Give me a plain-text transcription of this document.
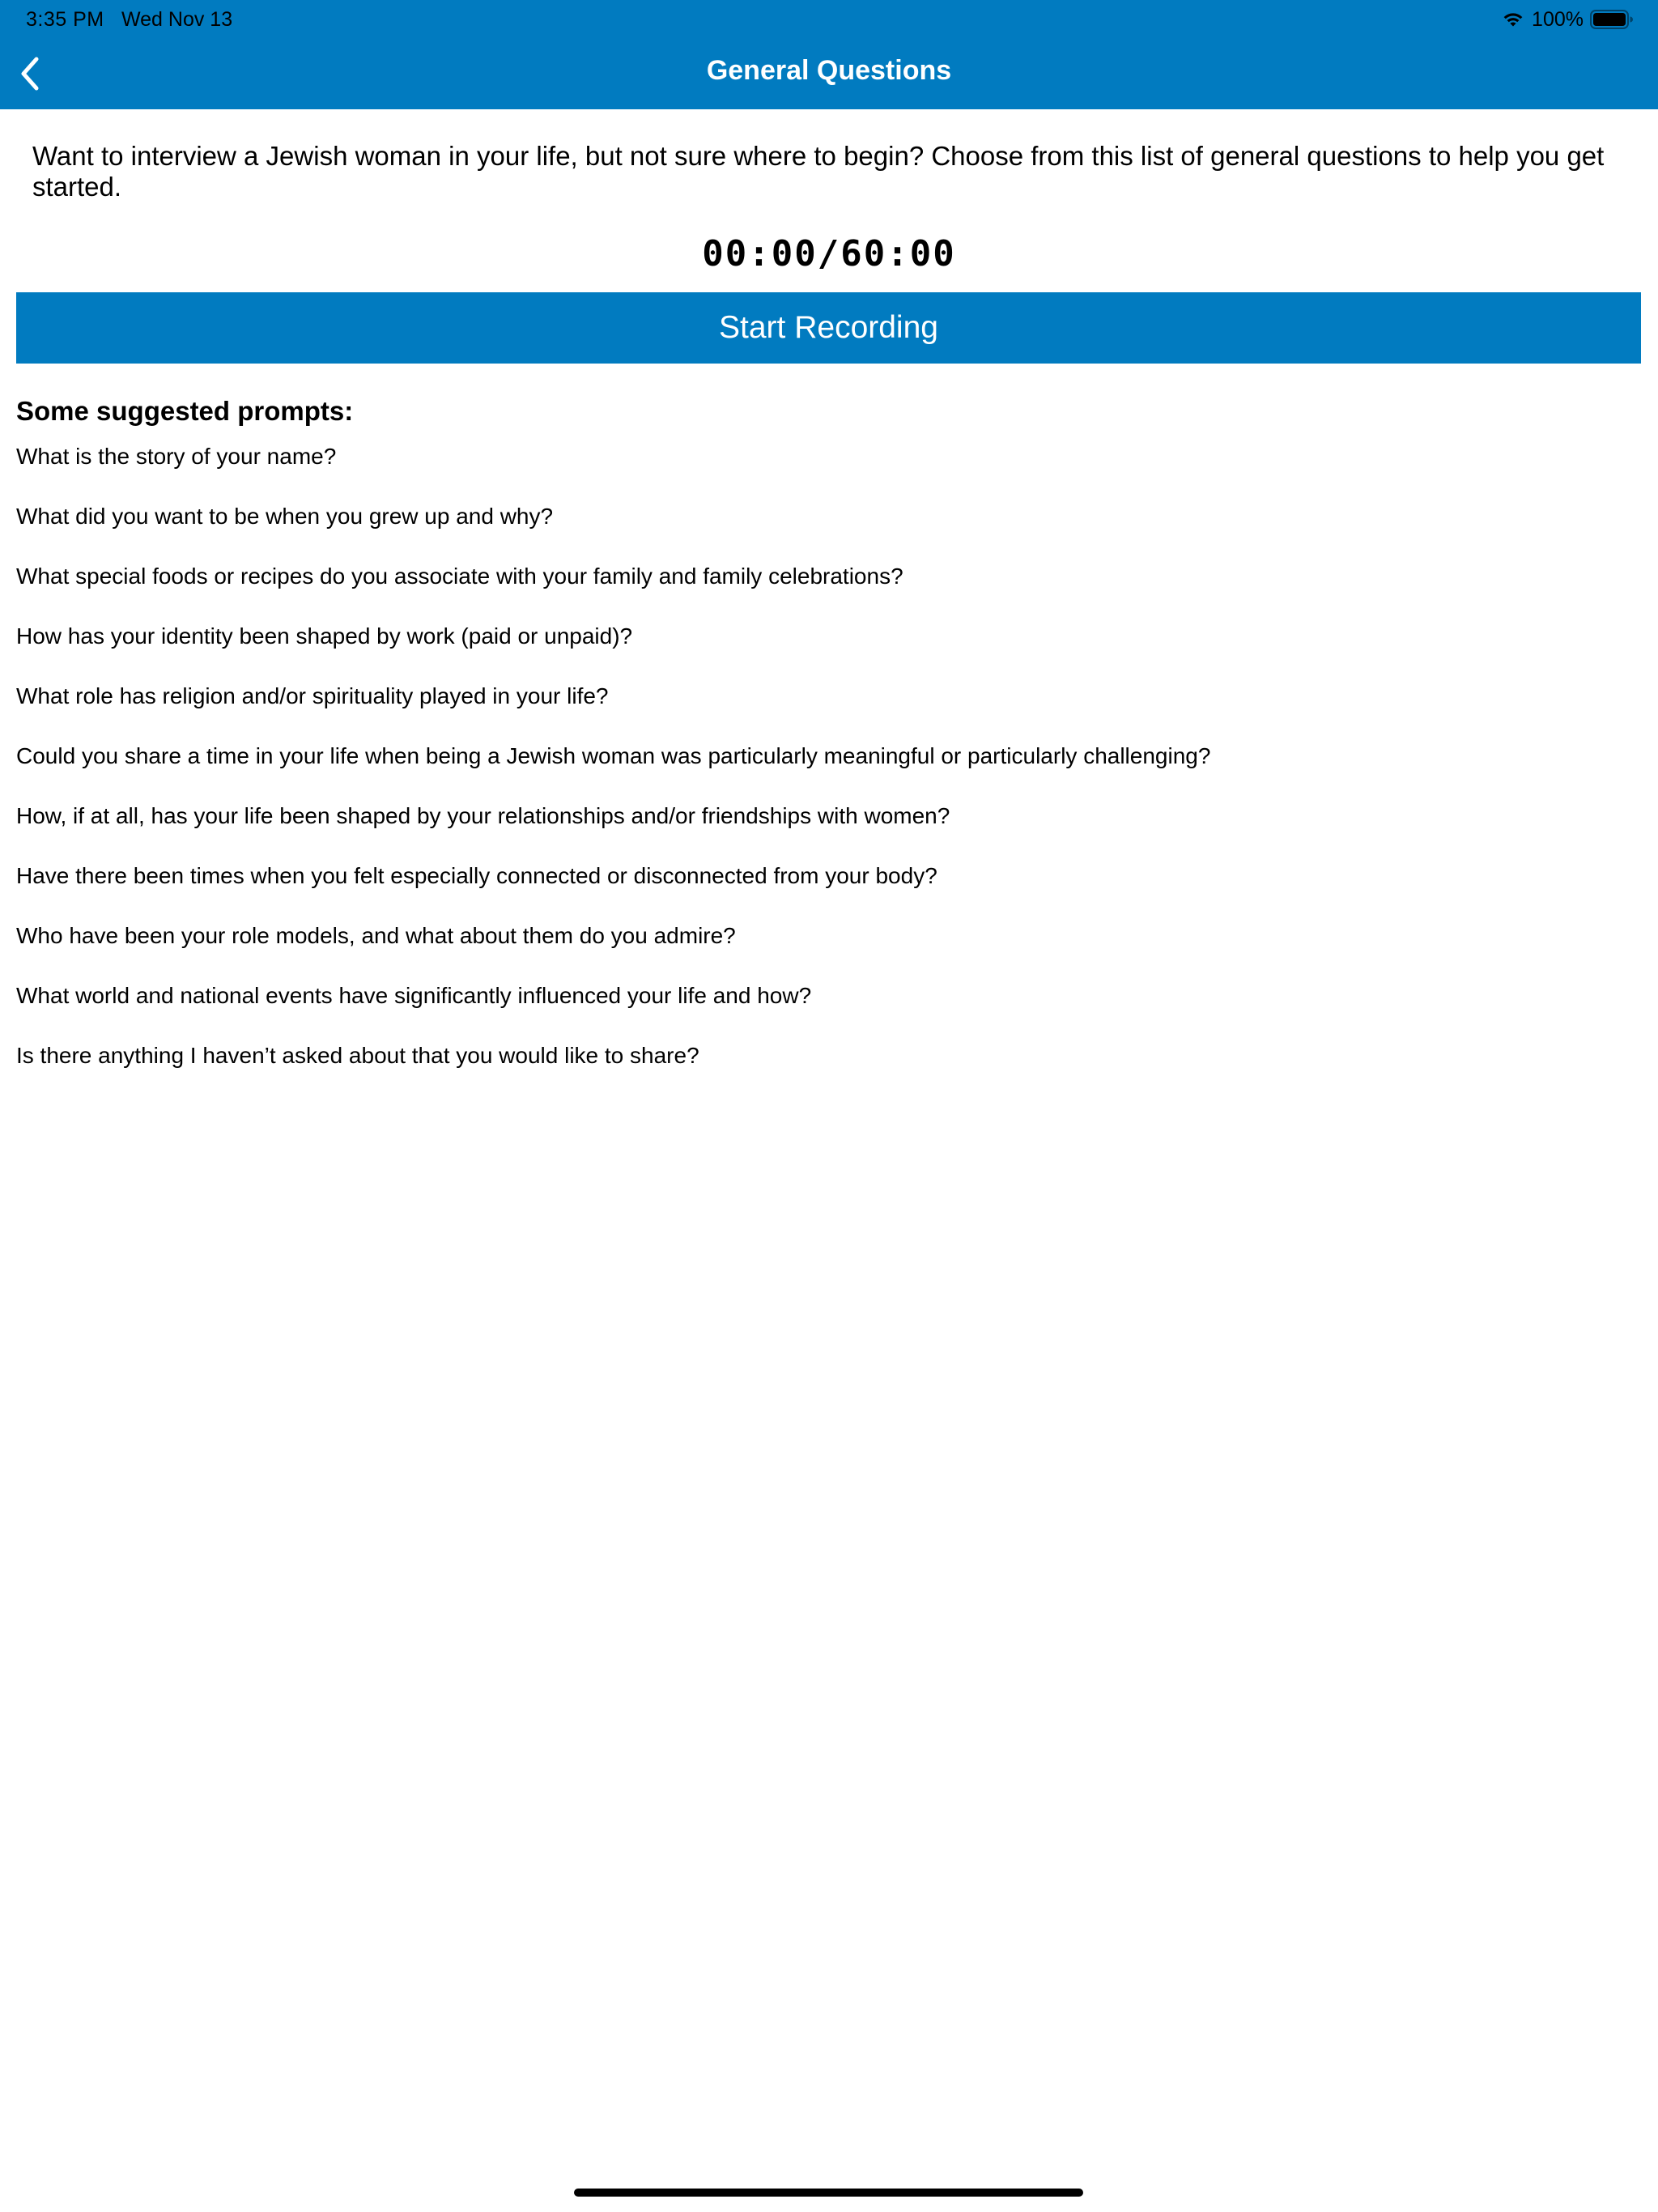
3:35 PM Wed Nov 13	100%
General Questions
Want to interview a Jewish woman in your life, but not sure where to begin? Choose from this list of general questions to help you get started.
00:00/60:00
Start Recording
Some suggested prompts:
What is the story of your name?
What did you want to be when you grew up and why?
What special foods or recipes do you associate with your family and family celebrations?
How has your identity been shaped by work (paid or unpaid)?
What role has religion and/or spirituality played in your life?
Could you share a time in your life when being a Jewish woman was particularly meaningful or particularly challenging?
How, if at all, has your life been shaped by your relationships and/or friendships with women?
Have there been times when you felt especially connected or disconnected from your body?
Who have been your role models, and what about them do you admire?
What world and national events have significantly influenced your life and how?
Is there anything I haven’t asked about that you would like to share?
